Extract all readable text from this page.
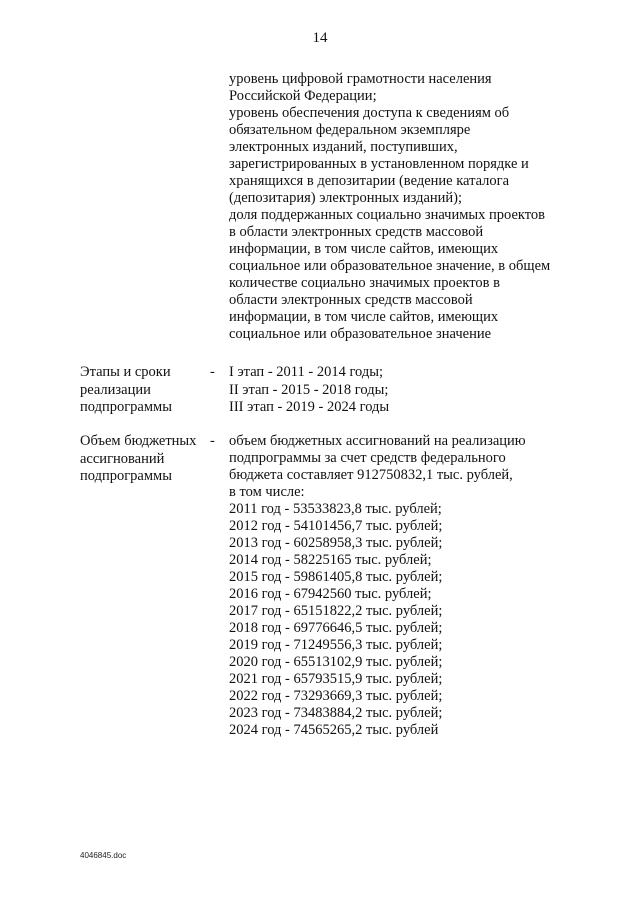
14
уровень цифровой грамотности населения
Российской Федерации;
уровень обеспечения доступа к сведениям об
обязательном федеральном экземпляре
электронных изданий, поступивших,
зарегистрированных в установленном порядке и
хранящихся в депозитарии (ведение каталога
(депозитария) электронных изданий);
доля поддержанных социально значимых проектов
в области электронных средств массовой
информации, в том числе сайтов, имеющих
социальное или образовательное значение, в общем
количестве социально значимых проектов в
области электронных средств массовой
информации, в том числе сайтов, имеющих
социальное или образовательное значение
Этапы и сроки
реализации
подпрограммы
- I этап - 2011 - 2014 годы;
II этап - 2015 - 2018 годы;
III этап - 2019 - 2024 годы
Объем бюджетных
ассигнований
подпрограммы
- объем бюджетных ассигнований на реализацию
подпрограммы за счет средств федерального
бюджета составляет 912750832,1 тыс. рублей,
в том числе:
2011 год - 53533823,8 тыс. рублей;
2012 год - 54101456,7 тыс. рублей;
2013 год - 60258958,3 тыс. рублей;
2014 год - 58225165 тыс. рублей;
2015 год - 59861405,8 тыс. рублей;
2016 год - 67942560 тыс. рублей;
2017 год - 65151822,2 тыс. рублей;
2018 год - 69776646,5 тыс. рублей;
2019 год - 71249556,3 тыс. рублей;
2020 год - 65513102,9 тыс. рублей;
2021 год - 65793515,9 тыс. рублей;
2022 год - 73293669,3 тыс. рублей;
2023 год - 73483884,2 тыс. рублей;
2024 год - 74565265,2 тыс. рублей
4046845.doc
